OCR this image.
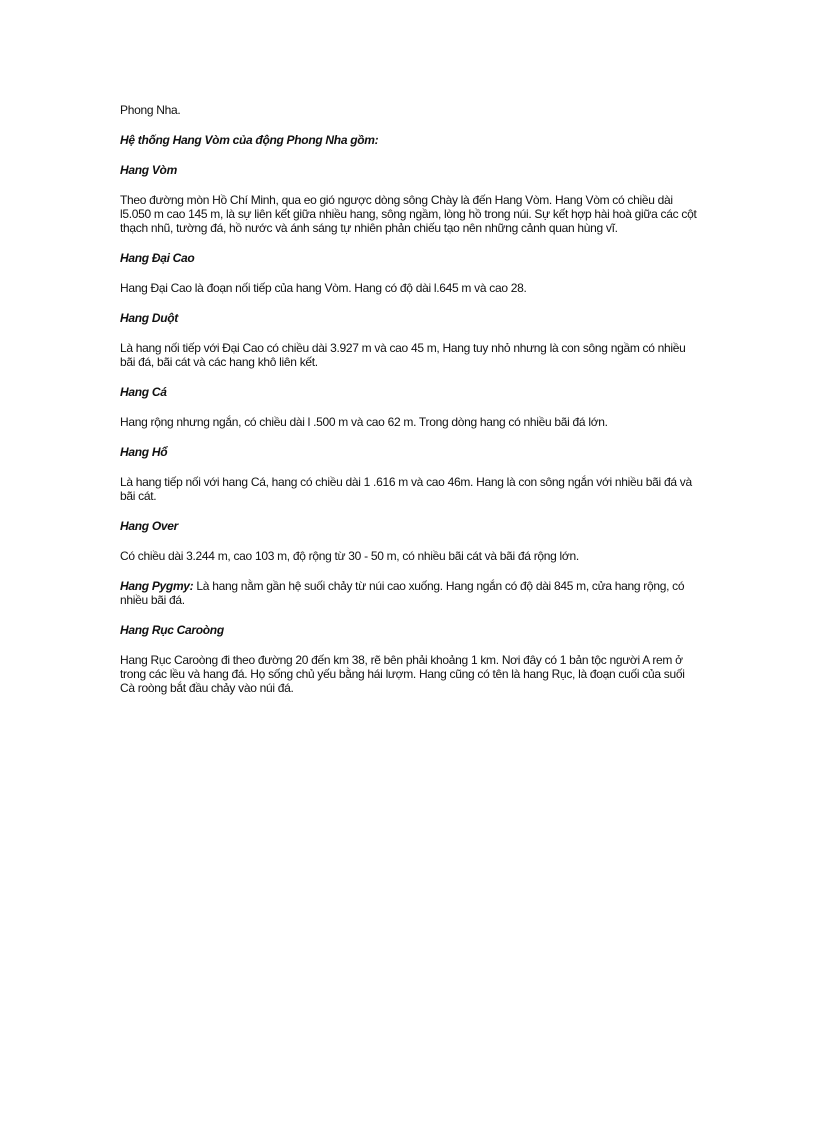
Phong Nha.

Hệ thống Hang Vòm của động Phong Nha gồm:

Hang Vòm

Theo đường mòn Hồ Chí Minh, qua eo gió ngược dòng sông Chày là đến Hang Vòm. Hang Vòm có chiều dài l5.050 m cao 145 m, là sự liên kết giữa nhiều hang, sông ngầm, lòng hồ trong núi. Sự kết hợp hài hoà giữa các cột thạch nhũ, tường đá, hồ nước và ánh sáng tự nhiên phản chiếu tạo nên những cảnh quan hùng vĩ.

Hang Đại Cao

Hang Đại Cao là đoạn nối tiếp của hang Vòm. Hang có độ dài l.645 m và cao 28.

Hang Duột

Là hang nối tiếp với Đại Cao có chiều dài 3.927 m và cao 45 m, Hang tuy nhỏ nhưng là con sông ngầm có nhiều bãi đá, bãi cát và các hang khô liên kết.

Hang Cá

Hang rộng nhưng ngắn, có chiều dài l .500 m và cao 62 m. Trong dòng hang có nhiều bãi đá lớn.

Hang Hổ

Là hang tiếp nối với hang Cá, hang có chiều dài 1 .616 m và cao 46m. Hang là con sông ngắn với nhiều bãi đá và bãi cát.

Hang Over

Có chiều dài 3.244 m, cao 103 m, độ rộng từ 30 - 50 m, có nhiều bãi cát và bãi đá rộng lớn.

Hang Pygmy: Là hang nằm gần hệ suối chảy từ núi cao xuống. Hang ngắn có độ dài 845 m, cửa hang rộng, có nhiều bãi đá.

Hang Rục Caroòng

Hang Rục Caroòng đi theo đường 20 đến km 38, rẽ bên phải khoảng 1 km. Nơi đây có 1 bản tộc người A rem ở trong các lều và hang đá. Họ sống chủ yếu bằng hái lượm. Hang cũng có tên là hang Rục, là đoạn cuối của suối Cà roòng bắt đầu chảy vào núi đá.
